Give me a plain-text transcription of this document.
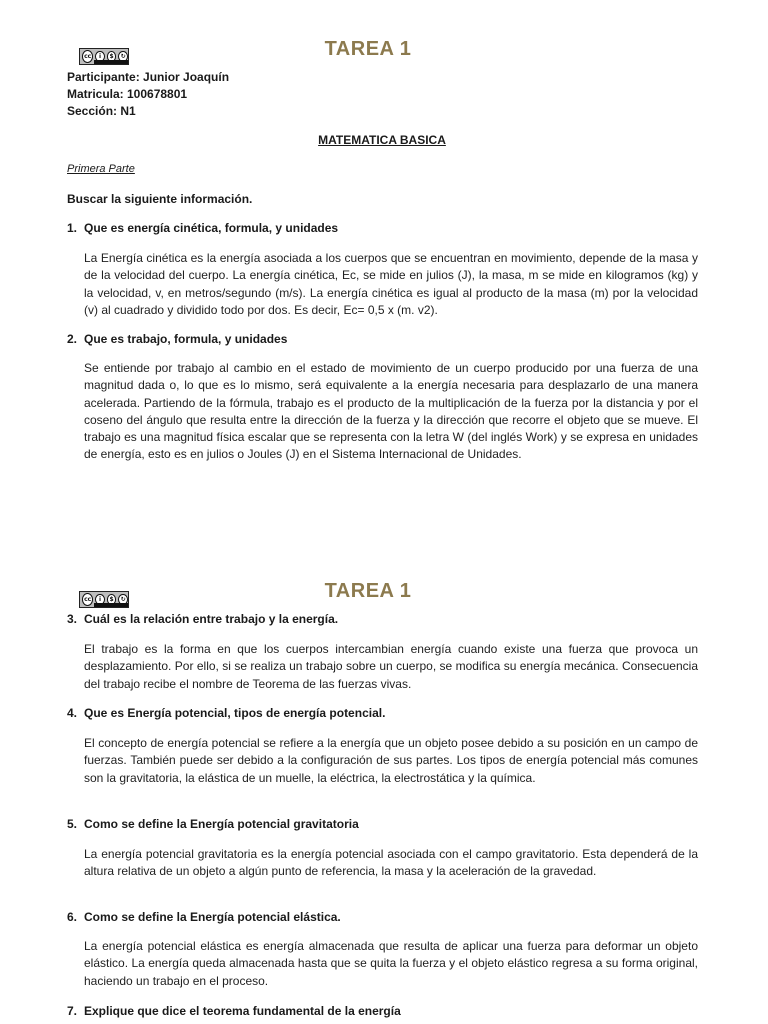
cc	i	$	↻	TAREA 1
Participante: Junior Joaquín
Matricula: 100678801
Sección: N1
MATEMATICA BASICA
Primera Parte
Buscar la siguiente información.
1. Que es energía cinética, formula, y unidades
La Energía cinética es la energía asociada a los cuerpos que se encuentran en movimiento, depende de la masa y de la velocidad del cuerpo. La energía cinética, Ec, se mide en julios (J), la masa, m se mide en kilogramos (kg) y la velocidad, v, en metros/segundo (m/s). La energía cinética es igual al producto de la masa (m) por la velocidad (v) al cuadrado y dividido todo por dos. Es decir, Ec= 0,5 x (m. v2).
2. Que es trabajo, formula, y unidades
Se entiende por trabajo al cambio en el estado de movimiento de un cuerpo producido por una fuerza de una magnitud dada o, lo que es lo mismo, será equivalente a la energía necesaria para desplazarlo de una manera acelerada. Partiendo de la fórmula, trabajo es el producto de la multiplicación de la fuerza por la distancia y por el coseno del ángulo que resulta entre la dirección de la fuerza y la dirección que recorre el objeto que se mueve. El trabajo es una magnitud física escalar que se representa con la letra W (del inglés Work) y se expresa en unidades de energía, esto es en julios o Joules (J) en el Sistema Internacional de Unidades.
cc	i	$	↻	TAREA 1
3. Cuál es la relación entre trabajo y la energía.
El trabajo es la forma en que los cuerpos intercambian energía cuando existe una fuerza que provoca un desplazamiento. Por ello, si se realiza un trabajo sobre un cuerpo, se modifica su energía mecánica. Consecuencia del trabajo recibe el nombre de Teorema de las fuerzas vivas.
4. Que es Energía potencial, tipos de energía potencial.
El concepto de energía potencial se refiere a la energía que un objeto posee debido a su posición en un campo de fuerzas. También puede ser debido a la configuración de sus partes. Los tipos de energía potencial más comunes son la gravitatoria, la elástica de un muelle, la eléctrica, la electrostática y la química.
5. Como se define la Energía potencial gravitatoria
La energía potencial gravitatoria es la energía potencial asociada con el campo gravitatorio. Esta dependerá de la altura relativa de un objeto a algún punto de referencia, la masa y la aceleración de la gravedad.
6. Como se define la Energía potencial elástica.
La energía potencial elástica es energía almacenada que resulta de aplicar una fuerza para deformar un objeto elástico. La energía queda almacenada hasta que se quita la fuerza y el objeto elástico regresa a su forma original, haciendo un trabajo en el proceso.
7. Explique que dice el teorema fundamental de la energía
